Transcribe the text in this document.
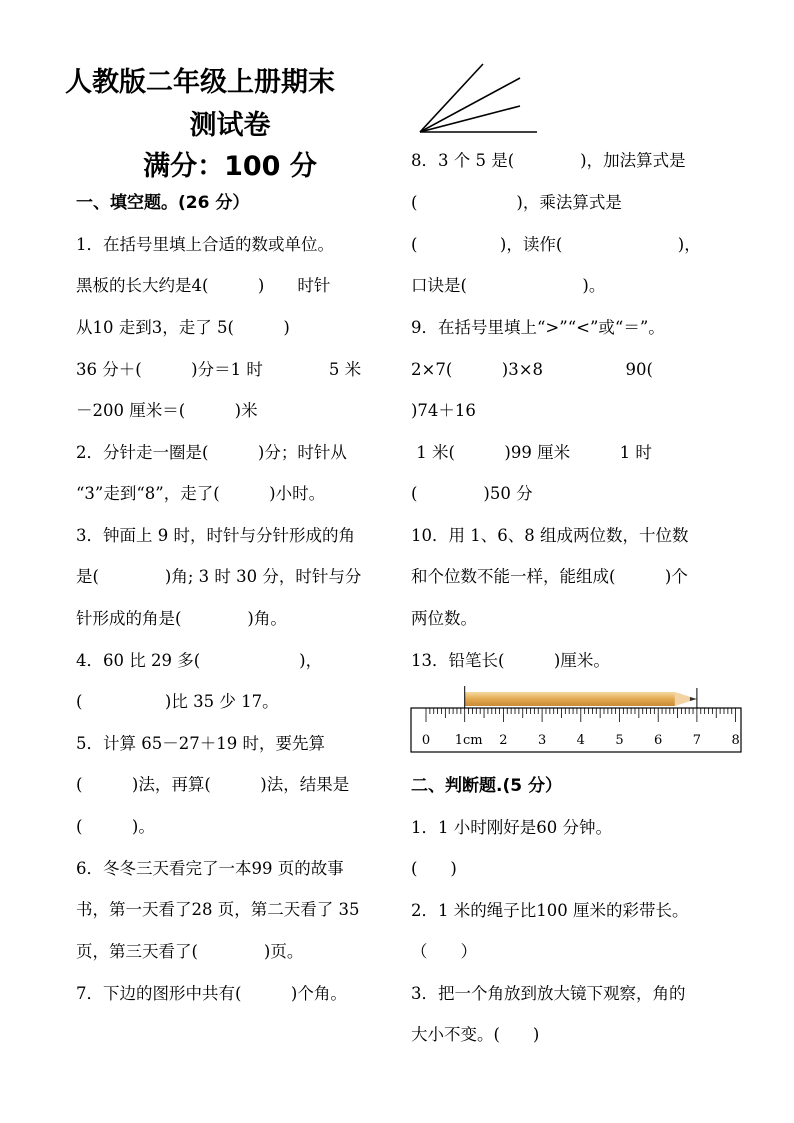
人教版二年级上册期末
测试卷
满分：100 分
一、填空题。(26 分）
1．在括号里填上合适的数或单位。
黑板的长大约是4(　　　)　　时针
从10 走到3，走了 5(　　　)
36 分＋(　　　)分＝1 时　　　　5 米
－200 厘米＝(　　　)米
2．分针走一圈是(　　　)分；时针从
“3”走到“8”，走了(　　　)小时。
3．钟面上 9 时，时针与分针形成的角
是(　　　　)角; 3 时 30 分，时针与分
针形成的角是(　　　　)角。
4．60 比 29 多(　　　　　　)，
(　　　　　)比 35 少 17。
5．计算 65－27＋19 时，要先算
(　　　)法，再算(　　　)法，结果是
(　　　)。
6．冬冬三天看完了一本99 页的故事
书，第一天看了28 页，第二天看了 35
页，第三天看了(　　　　)页。
7．下边的图形中共有(　　　)个角。
8．3 个 5 是(　　　　)，加法算式是
(　　　　　　)，乘法算式是
(　　　　　)，读作(　　　　　　　)，
口诀是(　　　　　　　)。
9．在括号里填上“>”“<”或“＝”。
2×7(　　　)3×8　　　　　90(
)74＋16
1 米(　　　)99 厘米　　　1 时
(　　　　)50 分
10．用 1、6、8 组成两位数，十位数
和个位数不能一样，能组成(　　　)个
两位数。
13．铅笔长(　　　)厘米。
0 1cm 2 3 4 5 6 7 8
二、判断题.(5 分）
1．1 小时刚好是60 分钟。
(　　)
2．1 米的绳子比100 厘米的彩带长。
（　　）
3．把一个角放到放大镜下观察，角的
大小不变。(　　)
